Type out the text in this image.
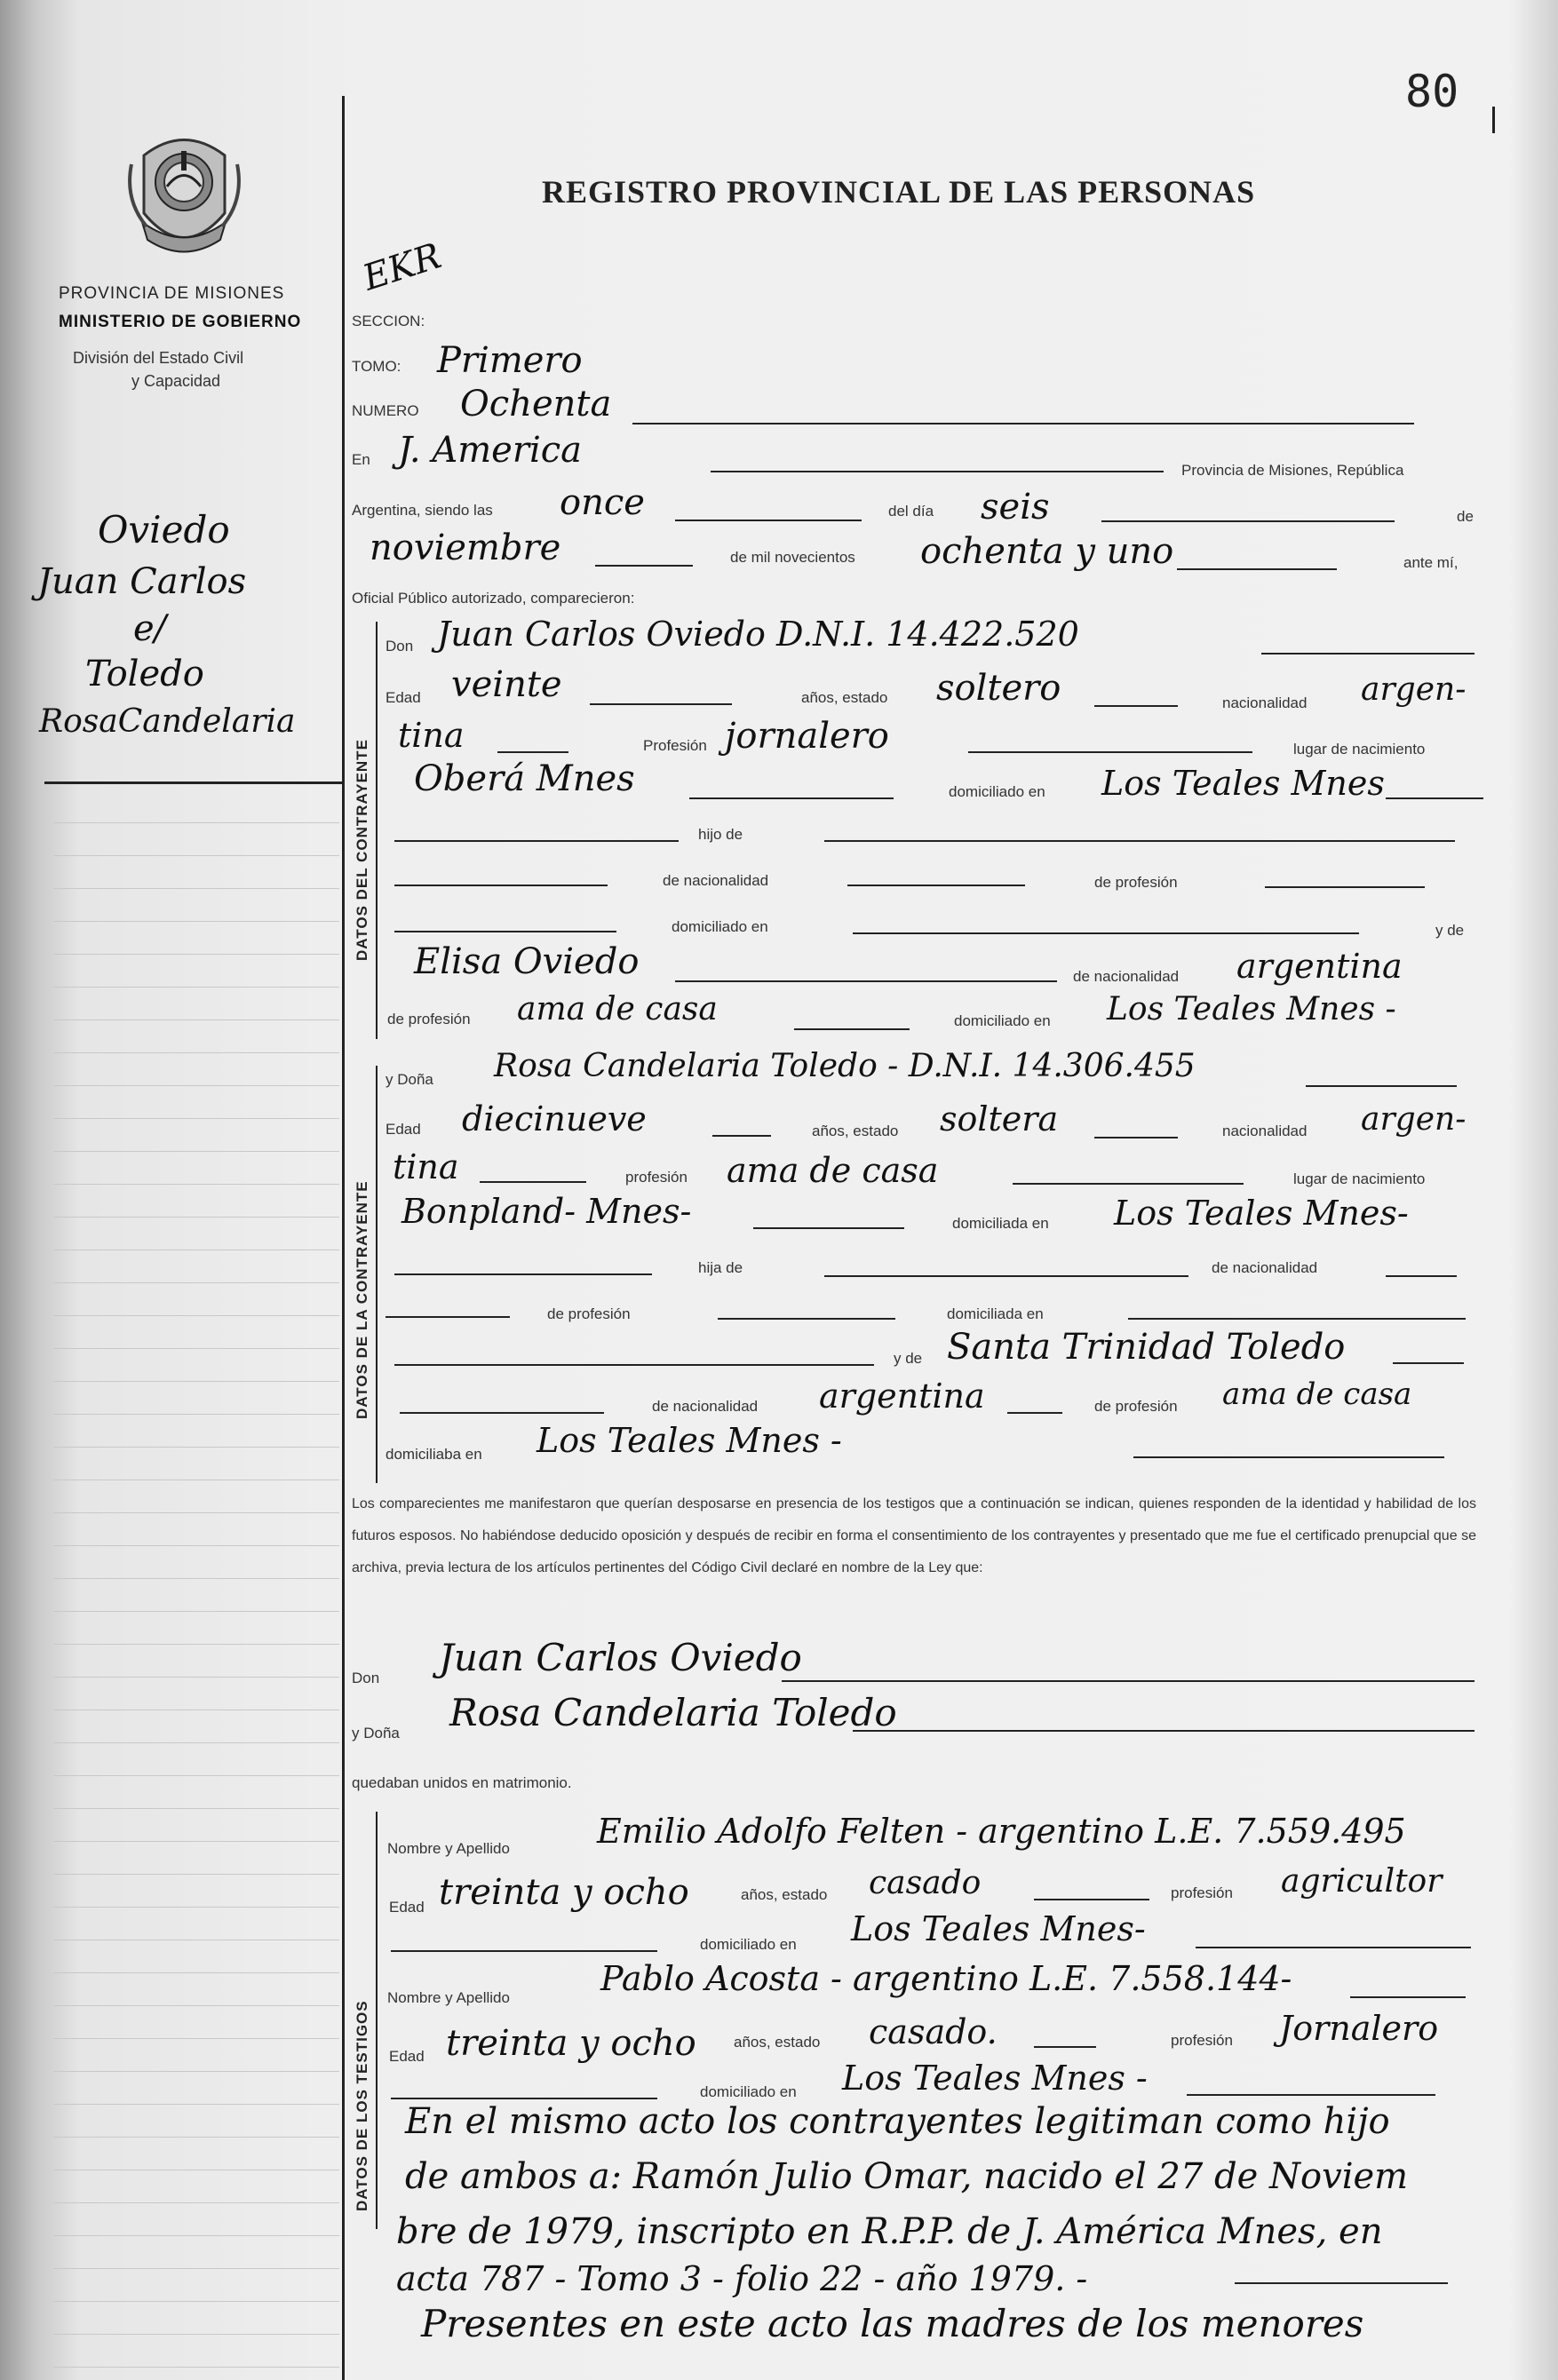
80
PROVINCIA DE MISIONES
MINISTERIO DE GOBIERNO
División del Estado Civil
y Capacidad
Oviedo
Juan Carlos
e/
Toledo
RosaCandelaria
REGISTRO PROVINCIAL DE LAS PERSONAS
EKR
SECCION:
TOMO: Primero
NUMERO Ochenta
En J. America	Provincia de Misiones, República
Argentina, siendo las once	del día seis	de
noviembre	de mil novecientos ochenta y uno	ante mí,
Oficial Público autorizado, comparecieron:
DATOS DEL CONTRAYENTE
Don Juan Carlos Oviedo D.N.I. 14.422.520
Edad veinte	años, estado soltero	nacionalidad argen-
tina	Profesión jornalero	lugar de nacimiento
Oberá Mnes	domiciliado en Los Teales Mnes
hijo de
de nacionalidad	de profesión
domiciliado en	y de
Elisa Oviedo	de nacionalidad argentina
de profesión ama de casa	domiciliado en Los Teales Mnes -
DATOS DE LA CONTRAYENTE
y Doña Rosa Candelaria Toledo - D.N.I. 14.306.455
Edad diecinueve	años, estado soltera	nacionalidad argen-
tina	profesión ama de casa	lugar de nacimiento
Bonpland- Mnes-	domiciliada en Los Teales Mnes-
hija de	de nacionalidad
de profesión	domiciliada en
y de Santa Trinidad Toledo
de nacionalidad argentina	de profesión ama de casa
domiciliaba en Los Teales Mnes -
Los comparecientes me manifestaron que querían desposarse en presencia de los testigos que a continuación se indican, quienes responden de la identidad y habilidad de los futuros esposos. No habiéndose deducido oposición y después de recibir en forma el consentimiento de los contrayentes y presentado que me fue el certificado prenupcial que se archiva, previa lectura de los artículos pertinentes del Código Civil declaré en nombre de la Ley que:
Don Juan Carlos Oviedo
y Doña Rosa Candelaria Toledo
quedaban unidos en matrimonio.
DATOS DE LOS TESTIGOS
Nombre y Apellido	Emilio Adolfo Felten - argentino L.E. 7.559.495
Edad treinta y ocho	años, estado casado	profesión agricultor
domiciliado en Los Teales Mnes-
Nombre y Apellido	Pablo Acosta - argentino L.E. 7.558.144-
Edad treinta y ocho años, estado casado.	profesión Jornalero
domiciliado en Los Teales Mnes -
En el mismo acto los contrayentes legitiman como hijo
de ambos a: Ramón Julio Omar, nacido el 27 de Noviem
bre de 1979, inscripto en R.P.P. de J. América Mnes, en
acta 787 - Tomo 3 - folio 22 - año 1979. -
Presentes en este acto las madres de los menores
